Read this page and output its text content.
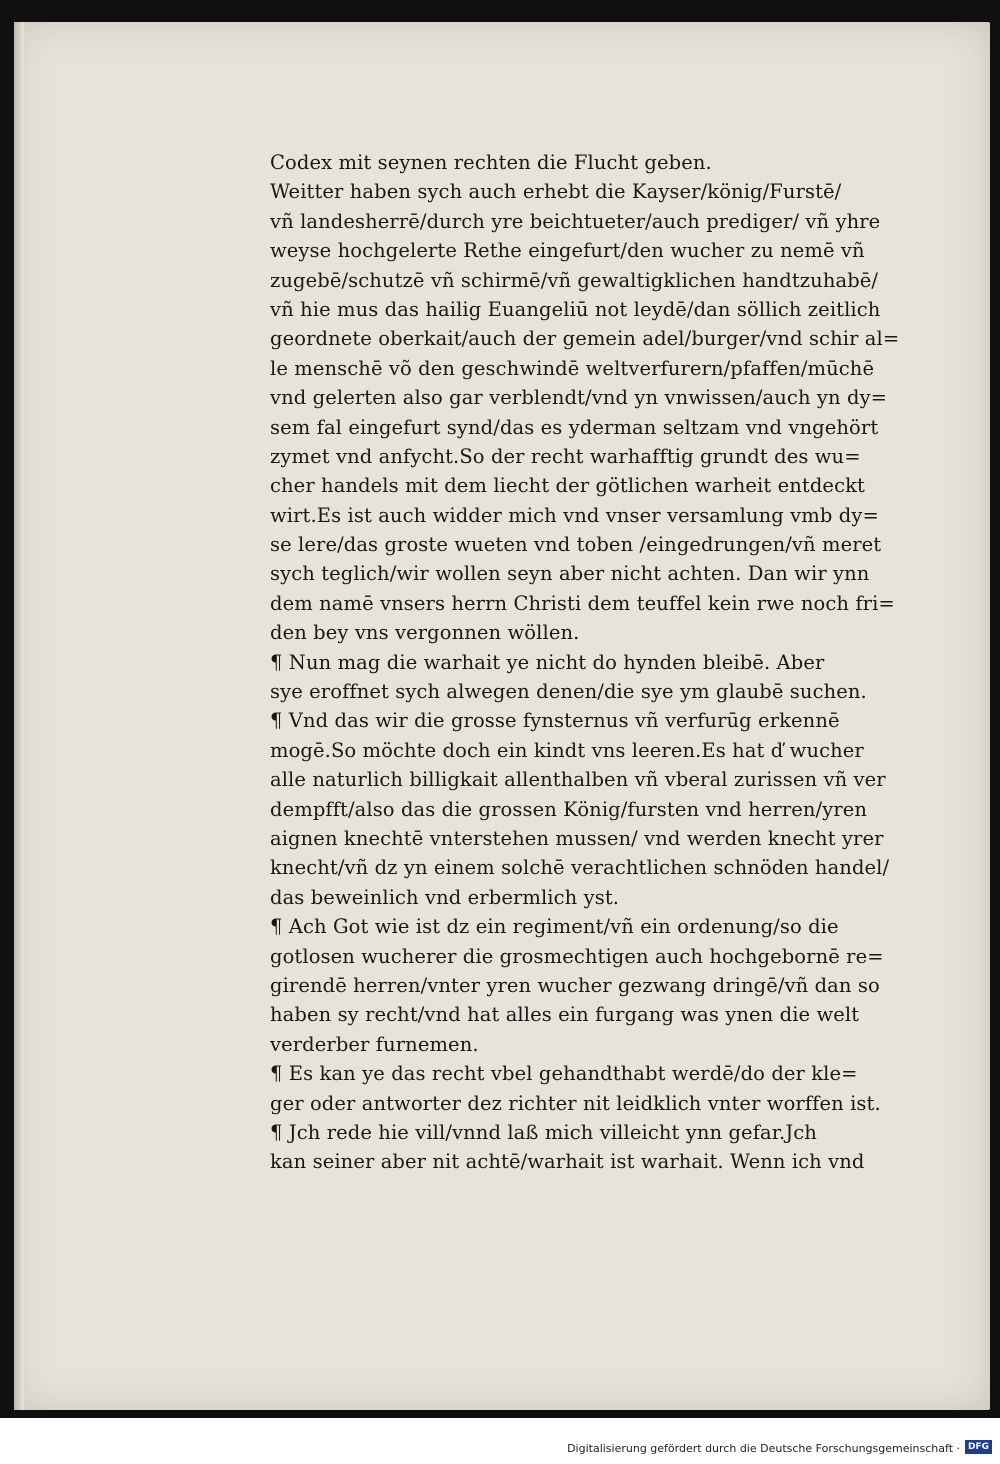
Codex mit seynen rechten die Flucht geben.
Weitter haben sych auch erhebt die Kayser/könig/Furstē/
vñ landesherrē/durch yre beichtueter/auch prediger/ vñ yhre
weyse hochgelerte Rethe eingefurt/den wucher zu nemē vñ
zugebē/schutzē vñ schirmē/vñ gewaltigklichen handtzuhabē/
vñ hie mus das hailig Euangeliū not leydē/dan söllich zeitlich
geordnete oberkait/auch der gemein adel/burger/vnd schir al=
le menschē võ den geschwindē weltverfurern/pfaffen/mūchē
vnd gelerten also gar verblendt/vnd yn vnwissen/auch yn dy=
sem fal eingefurt synd/das es yderman seltzam vnd vngehört
zymet vnd anfycht.So der recht warhafftig grundt des wu=
cher handels mit dem liecht der götlichen warheit entdeckt
wirt.Es ist auch widder mich vnd vnser versamlung vmb dy=
se lere/das groste wueten vnd toben /eingedrungen/vñ meret
sych teglich/wir wollen seyn aber nicht achten. Dan wir ynn
dem namē vnsers herrn Christi dem teuffel kein rwe noch fri=
den bey vns vergonnen wöllen.
¶ Nun mag die warhait ye nicht do hynden bleibē. Aber
sye eroffnet sych alwegen denen/die sye ym glaubē suchen.
¶ Vnd das wir die grosse fynsternus vñ verfurūg erkennē
mogē.So möchte doch ein kindt vns leeren.Es hat ď wucher
alle naturlich billigkait allenthalben vñ vberal zurissen vñ ver
dempfft/also das die grossen König/fursten vnd herren/yren
aignen knechtē vnterstehen mussen/ vnd werden knecht yrer
knecht/vñ dz yn einem solchē verachtlichen schnöden handel/
das beweinlich vnd erbermlich yst.
¶ Ach Got wie ist dz ein regiment/vñ ein ordenung/so die
gotlosen wucherer die grosmechtigen auch hochgebornē re=
girendē herren/vnter yren wucher gezwang dringē/vñ dan so
haben sy recht/vnd hat alles ein furgang was ynen die welt
verderber furnemen.
¶ Es kan ye das recht vbel gehandthabt werdē/do der kle=
ger oder antworter dez richter nit leidklich vnter worffen ist.
¶ Jch rede hie vill/vnnd laß mich villeicht ynn gefar.Jch
kan seiner aber nit achtē/warhait ist warhait. Wenn ich vnd
Digitalisierung gefördert durch die Deutsche Forschungsgemeinschaft · DFG
